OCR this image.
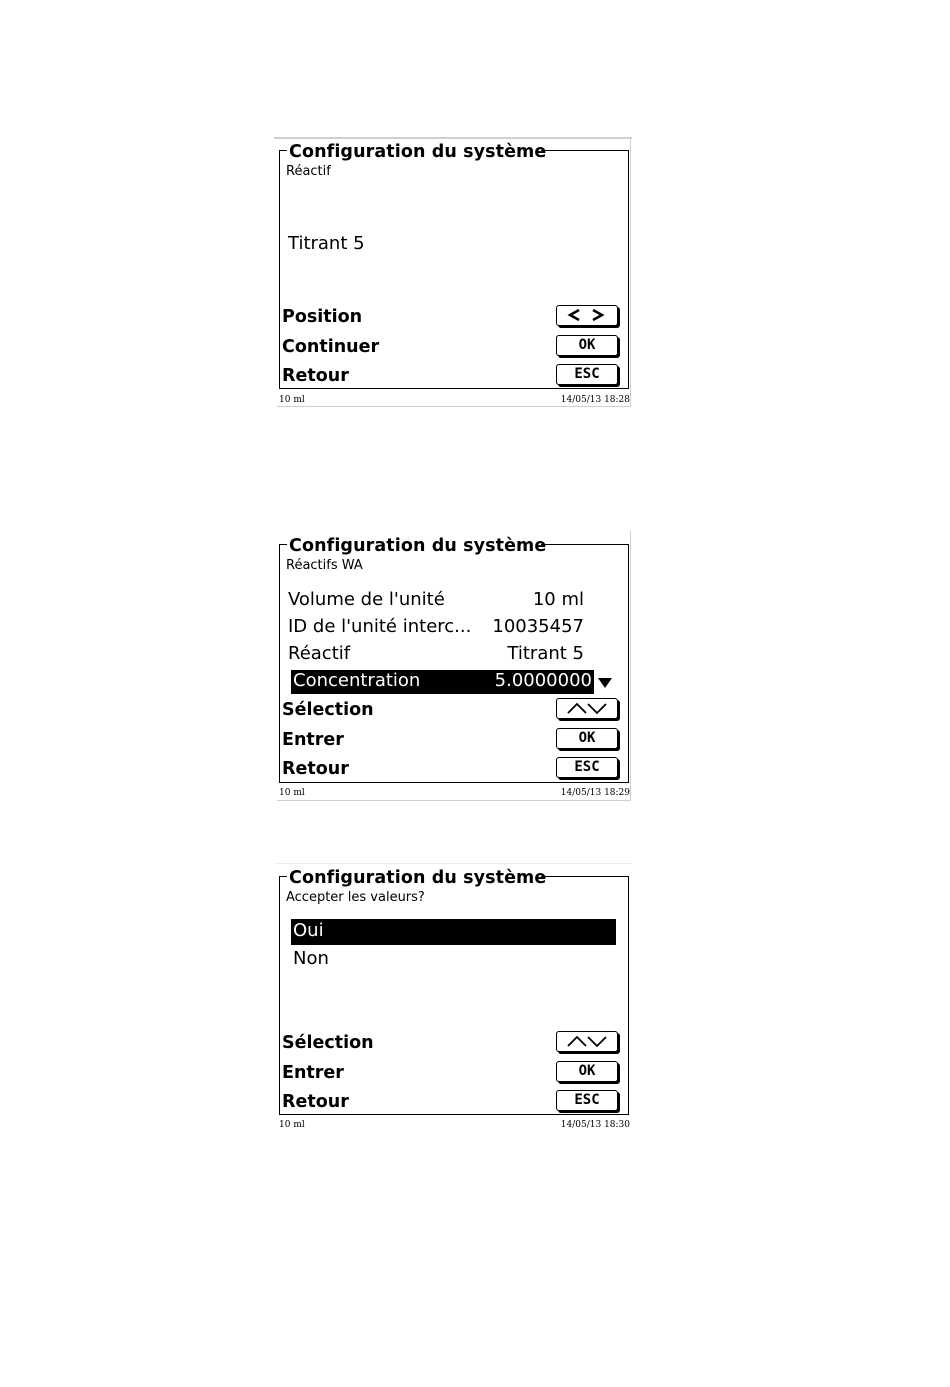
Configuration du système
Réactif
Titrant 5
Position
Continuer	OK
Retour	ESC
10 ml	14/05/13 18:28
Configuration du système
Réactifs WA
Volume de l'unité	10 ml
ID de l'unité interc... 10035457
Réactif	Titrant 5
Concentration	5.0000000
Sélection
Entrer	OK
Retour	ESC
10 ml	14/05/13 18:29
Configuration du système
Accepter les valeurs?
Oui
Non
Sélection
Entrer	OK
Retour	ESC
10 ml	14/05/13 18:30
